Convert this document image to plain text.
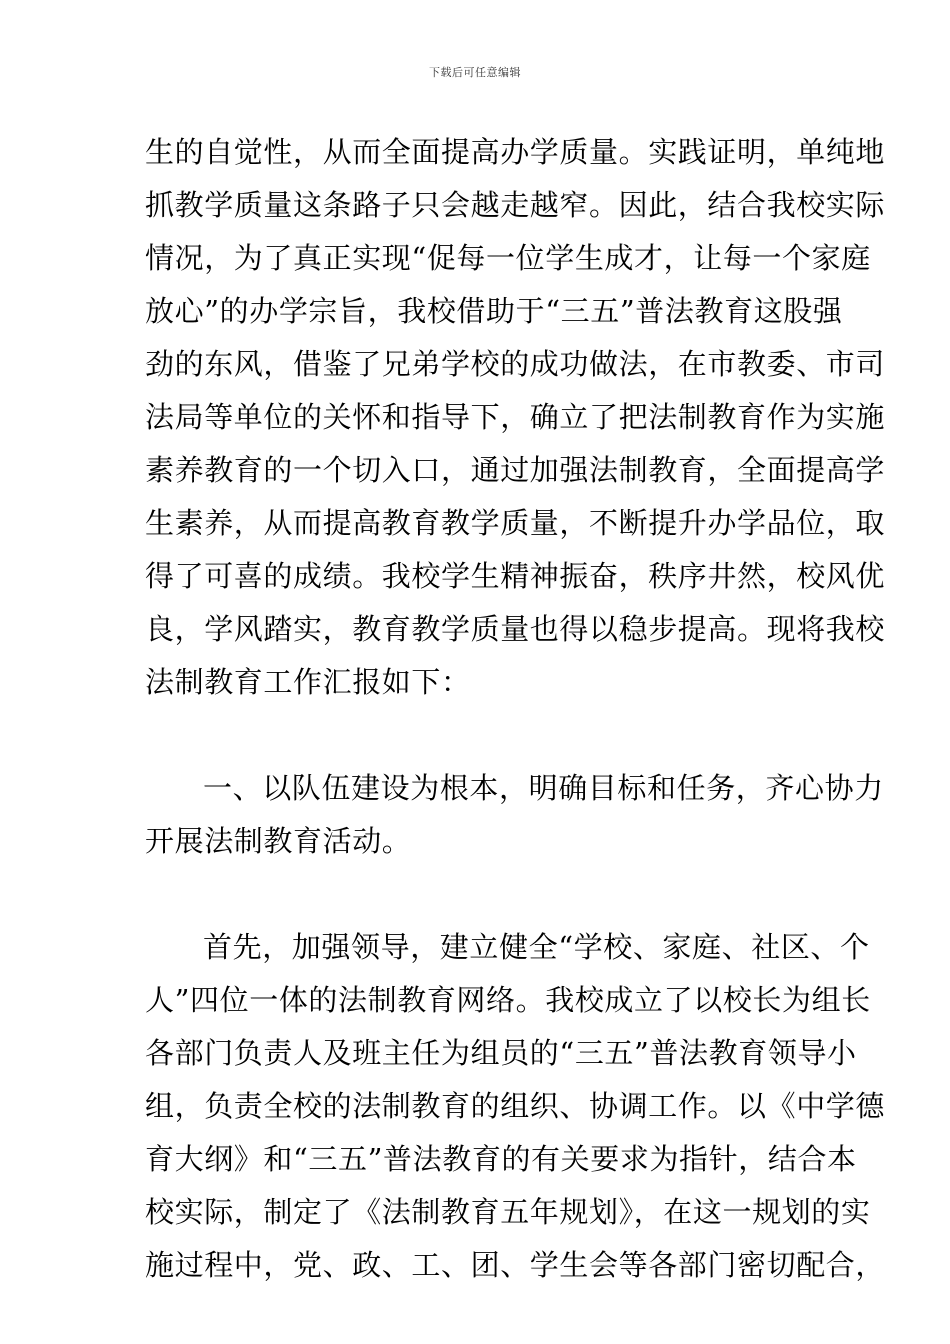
下载后可任意编辑
生的自觉性，从而全面提高办学质量。实践证明，单纯地
抓教学质量这条路子只会越走越窄。因此，结合我校实际
情况，为了真正实现“促每一位学生成才，让每一个家庭
放心”的办学宗旨，我校借助于“三五”普法教育这股强
劲的东风，借鉴了兄弟学校的成功做法，在市教委、市司
法局等单位的关怀和指导下，确立了把法制教育作为实施
素养教育的一个切入口，通过加强法制教育，全面提高学
生素养，从而提高教育教学质量，不断提升办学品位，取
得了可喜的成绩。我校学生精神振奋，秩序井然，校风优
良，学风踏实，教育教学质量也得以稳步提高。现将我校
法制教育工作汇报如下：
一、以队伍建设为根本，明确目标和任务，齐心协力
开展法制教育活动。
首先，加强领导，建立健全“学校、家庭、社区、个
人”四位一体的法制教育网络。我校成立了以校长为组长
各部门负责人及班主任为组员的“三五”普法教育领导小
组，负责全校的法制教育的组织、协调工作。以《中学德
育大纲》和“三五”普法教育的有关要求为指针，结合本
校实际，制定了《法制教育五年规划》，在这一规划的实
施过程中，党、政、工、团、学生会等各部门密切配合，
